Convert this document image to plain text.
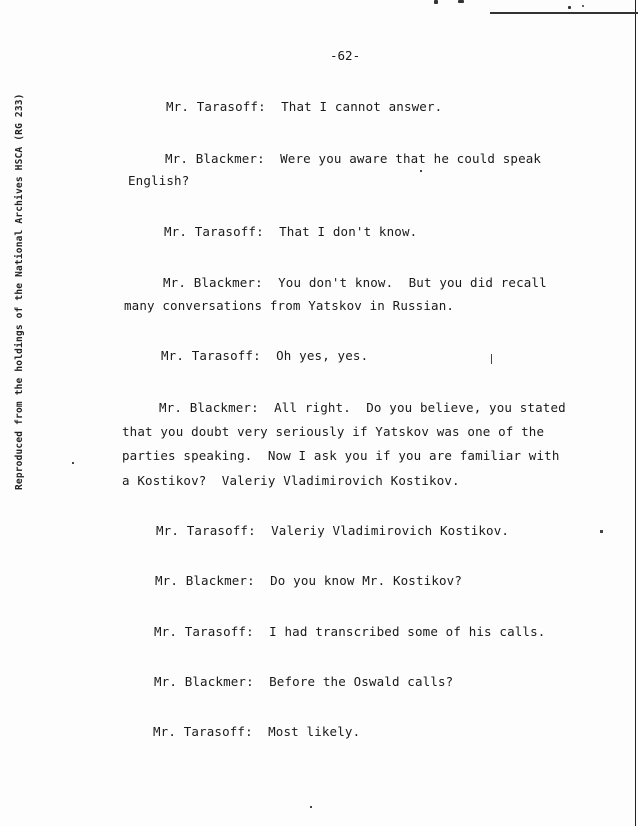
Reproduced from the holdings of the National Archives HSCA (RG 233)
-62-
Mr. Tarasoff:  That I cannot answer.
Mr. Blackmer:  Were you aware that he could speak
English?
Mr. Tarasoff:  That I don't know.
Mr. Blackmer:  You don't know.  But you did recall
many conversations from Yatskov in Russian.
Mr. Tarasoff:  Oh yes, yes.
Mr. Blackmer:  All right.  Do you believe, you stated
that you doubt very seriously if Yatskov was one of the
parties speaking.  Now I ask you if you are familiar with
a Kostikov?  Valeriy Vladimirovich Kostikov.
Mr. Tarasoff:  Valeriy Vladimirovich Kostikov.
Mr. Blackmer:  Do you know Mr. Kostikov?
Mr. Tarasoff:  I had transcribed some of his calls.
Mr. Blackmer:  Before the Oswald calls?
Mr. Tarasoff:  Most likely.
